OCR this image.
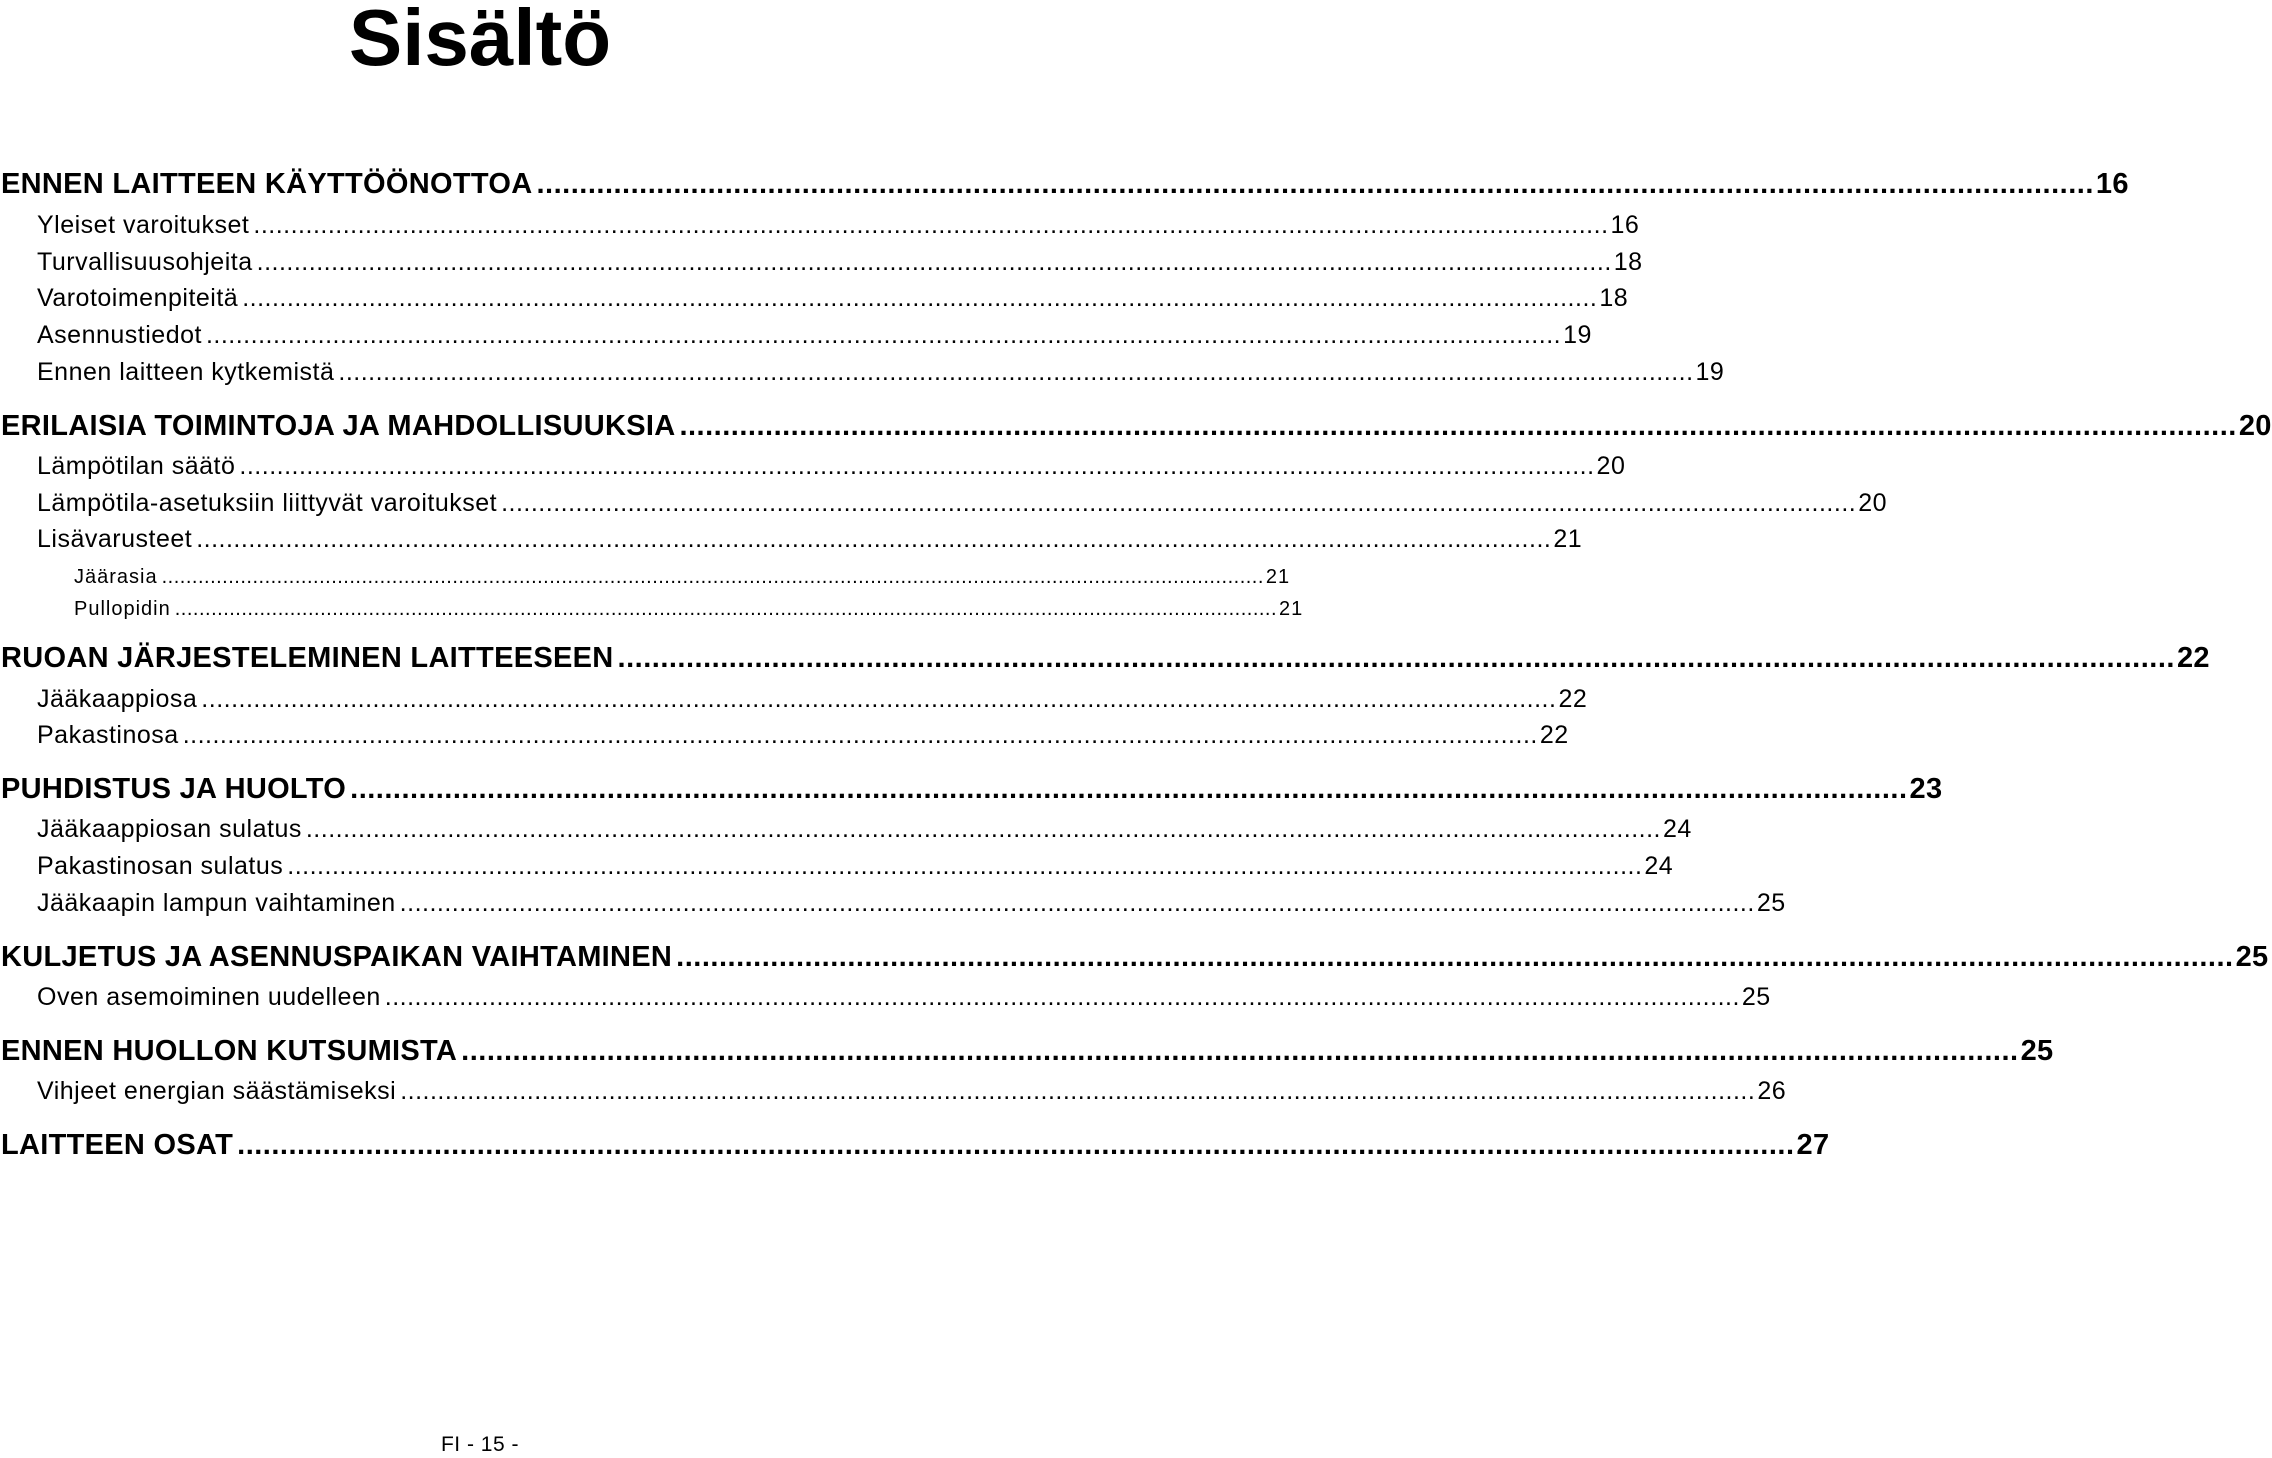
Sisältö
ENNEN LAITTEEN KÄYTTÖÖNOTTOA ...................................................................................................................................................................................... 16
Yleiset varoitukset ...................................................................................................................................................................................... 16
Turvallisuusohjeita ...................................................................................................................................................................................... 18
Varotoimenpiteitä ...................................................................................................................................................................................... 18
Asennustiedot ...................................................................................................................................................................................... 19
Ennen laitteen kytkemistä ...................................................................................................................................................................................... 19
ERILAISIA TOIMINTOJA JA MAHDOLLISUUKSIA ...................................................................................................................................................................................... 20
Lämpötilan säätö ...................................................................................................................................................................................... 20
Lämpötila-asetuksiin liittyvät varoitukset ...................................................................................................................................................................................... 20
Lisävarusteet ...................................................................................................................................................................................... 21
Jäärasia ...................................................................................................................................................................................... 21
Pullopidin ...................................................................................................................................................................................... 21
RUOAN JÄRJESTELEMINEN LAITTEESEEN ...................................................................................................................................................................................... 22
Jääkaappiosa ...................................................................................................................................................................................... 22
Pakastinosa ...................................................................................................................................................................................... 22
PUHDISTUS JA HUOLTO ...................................................................................................................................................................................... 23
Jääkaappiosan sulatus ...................................................................................................................................................................................... 24
Pakastinosan sulatus ...................................................................................................................................................................................... 24
Jääkaapin lampun vaihtaminen ...................................................................................................................................................................................... 25
KULJETUS JA ASENNUSPAIKAN VAIHTAMINEN ...................................................................................................................................................................................... 25
Oven asemoiminen uudelleen ...................................................................................................................................................................................... 25
ENNEN HUOLLON KUTSUMISTA ...................................................................................................................................................................................... 25
Vihjeet energian säästämiseksi ...................................................................................................................................................................................... 26
LAITTEEN OSAT ...................................................................................................................................................................................... 27
FI - 15 -
